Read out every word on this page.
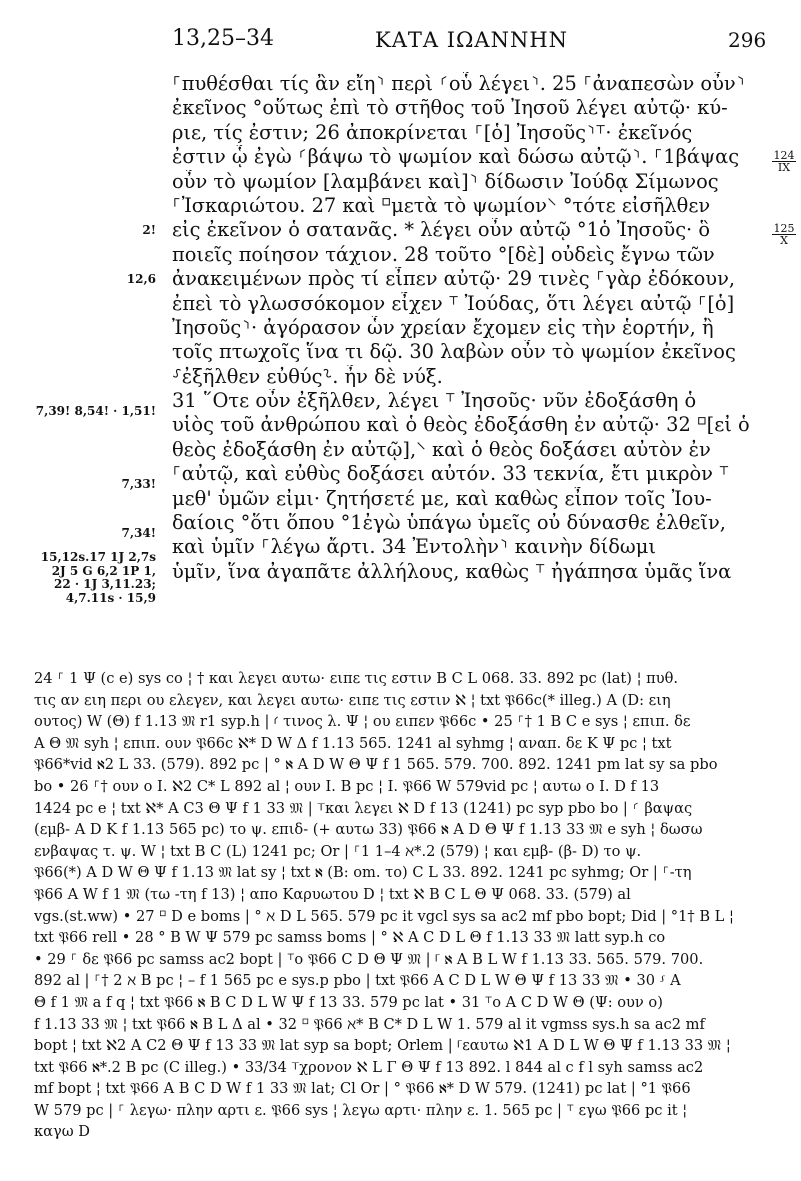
13,25–34	ΚΑΤΑ ΙΩΑΝΝΗΝ	296
2!
12,6
7,39! 8,54! · 1,51!
7,33!
7,34!
15,12s.17 1J 2,7s
2J 5 G 6,2 1P 1,
22 · 1J 3,11.23;
4,7.11s · 15,9
⸀πυθέσθαι τίς ἂν εἴη⸃ περὶ ⸂οὗ λέγει⸃. 25 ⸀ἀναπεσὼν οὖν⸃
ἐκεῖνος °οὕτως ἐπὶ τὸ στῆθος τοῦ Ἰησοῦ λέγει αὐτῷ· κύ-
ριε, τίς ἐστιν; 26 ἀποκρίνεται ⸀[ὁ] Ἰησοῦς⸃⸆· ἐκεῖνός
ἐστιν ᾧ ἐγὼ ⸂βάψω τὸ ψωμίον καὶ δώσω αὐτῷ⸃. ⸀1βάψας
οὖν τὸ ψωμίον [λαμβάνει καὶ]⸃ δίδωσιν Ἰούδᾳ Σίμωνος
⸀Ἰσκαριώτου. 27 καὶ ⸋μετὰ τὸ ψωμίον⸌ °τότε εἰσῆλθεν
εἰς ἐκεῖνον ὁ σατανᾶς. * λέγει οὖν αὐτῷ °1ὁ Ἰησοῦς· ὃ
ποιεῖς ποίησον τάχιον. 28 τοῦτο °[δὲ] οὐδεὶς ἔγνω τῶν
ἀνακειμένων πρὸς τί εἶπεν αὐτῷ· 29 τινὲς ⸀γὰρ ἐδόκουν,
ἐπεὶ τὸ γλωσσόκομον εἶχεν ⸆ Ἰούδας, ὅτι λέγει αὐτῷ ⸀[ὁ]
Ἰησοῦς⸃· ἀγόρασον ὧν χρείαν ἔχομεν εἰς τὴν ἑορτήν, ἢ
τοῖς πτωχοῖς ἵνα τι δῷ. 30 λαβὼν οὖν τὸ ψωμίον ἐκεῖνος
⸉ἐξῆλθεν εὐθύς⸊. ἦν δὲ νύξ.
31 ῞Οτε οὖν ἐξῆλθεν, λέγει ⸆ Ἰησοῦς· νῦν ἐδοξάσθη ὁ
υἱὸς τοῦ ἀνθρώπου καὶ ὁ θεὸς ἐδοξάσθη ἐν αὐτῷ· 32 ⸋[εἰ ὁ
θεὸς ἐδοξάσθη ἐν αὐτῷ],⸌ καὶ ὁ θεὸς δοξάσει αὐτὸν ἐν
⸀αὐτῷ, καὶ εὐθὺς δοξάσει αὐτόν. 33 τεκνία, ἔτι μικρὸν ⸆
μεθ' ὑμῶν εἰμι· ζητήσετέ με, καὶ καθὼς εἶπον τοῖς Ἰου-
δαίοις °ὅτι ὅπου °1ἐγὼ ὑπάγω ὑμεῖς οὐ δύνασθε ἐλθεῖν,
καὶ ὑμῖν ⸀λέγω ἄρτι. 34 Ἐντολὴν⸃ καινὴν δίδωμι
ὑμῖν, ἵνα ἀγαπᾶτε ἀλλήλους, καθὼς ⸆ ἠγάπησα ὑμᾶς ἵνα
124
IX
125
X
24 ⸀ 1 Ψ (c e) sys co ¦ † και λεγει αυτω· ειπε τις εστιν B C L 068. 33. 892 pc (lat) ¦ πυθ.
τις αν ειη περι ου ελεγεν, και λεγει αυτω· ειπε τις εστιν ℵ ¦ txt 𝔓66c(* illeg.) A (D: ειη
ουτος) W (Θ) f 1.13 𝔐 r1 syp.h | ⸂ τινος λ. Ψ ¦ ου ειπεν 𝔓66c • 25 ⸀† 1 B C e sys ¦ επιπ. δε
A Θ 𝔐 syh ¦ επιπ. ουν 𝔓66c ℵ* D W Δ f 1.13 565. 1241 al syhmg ¦ αναπ. δε K Ψ pc ¦ txt
𝔓66*vid ℵ2 L 33. (579). 892 pc | ° ℵ A D W Θ Ψ f 1 565. 579. 700. 892. 1241 pm lat sy sa pbo
bo • 26 ⸀† ουν ο I. ℵ2 C* L 892 al ¦ ουν I. B pc ¦ I. 𝔓66 W 579vid pc ¦ αυτω ο I. D f 13
1424 pc e ¦ txt ℵ* A C3 Θ Ψ f 1 33 𝔐 | ⸆και λεγει ℵ D f 13 (1241) pc syp pbo bo | ⸂ βαψας
(εμβ- A D K f 1.13 565 pc) το ψ. επιδ- (+ αυτω 33) 𝔓66 ℵ A D Θ Ψ f 1.13 33 𝔐 e syh ¦ δωσω
ενβαψας τ. ψ. W ¦ txt B C (L) 1241 pc; Or | ⸀1 1–4 ℵ*.2 (579) ¦ και εμβ- (β- D) το ψ.
𝔓66(*) A D W Θ Ψ f 1.13 𝔐 lat sy ¦ txt ℵ (B: om. το) C L 33. 892. 1241 pc syhmg; Or | ⸀-τη
𝔓66 A W f 1 𝔐 (τω -τη f 13) ¦ απο Καρυωτου D ¦ txt ℵ B C L Θ Ψ 068. 33. (579) al
vgs.(st.ww) • 27 ⸋ D e boms | ° ℵ D L 565. 579 pc it vgcl sys sa ac2 mf pbo bopt; Did | °1† B L ¦
txt 𝔓66 rell • 28 ° B W Ψ 579 pc samss boms | ° ℵ A C D L Θ f 1.13 33 𝔐 latt syp.h co
• 29 ⸀ δε 𝔓66 pc samss ac2 bopt | ⸆ο 𝔓66 C D Θ Ψ 𝔐 | ⸀ ℵ A B L W f 1.13 33. 565. 579. 700.
892 al | ⸀† 2 ℵ B pc ¦ – f 1 565 pc e sys.p pbo | txt 𝔓66 A C D L W Θ Ψ f 13 33 𝔐 • 30 ⸉ A
Θ f 1 𝔐 a f q ¦ txt 𝔓66 ℵ B C D L W Ψ f 13 33. 579 pc lat • 31 ⸆ο A C D W Θ (Ψ: ουν ο)
f 1.13 33 𝔐 ¦ txt 𝔓66 ℵ B L Δ al • 32 ⸋ 𝔓66 ℵ* B C* D L W 1. 579 al it vgmss sys.h sa ac2 mf
bopt ¦ txt ℵ2 A C2 Θ Ψ f 13 33 𝔐 lat syp sa bopt; Orlem | ⸀εαυτω ℵ1 A D L W Θ Ψ f 1.13 33 𝔐 ¦
txt 𝔓66 ℵ*.2 B pc (C illeg.) • 33/34 ⸆χρονον ℵ L Γ Θ Ψ f 13 892. l 844 al c f l syh samss ac2
mf bopt ¦ txt 𝔓66 A B C D W f 1 33 𝔐 lat; Cl Or | ° 𝔓66 ℵ* D W 579. (1241) pc lat | °1 𝔓66
W 579 pc | ⸀ λεγω· πλην αρτι ε. 𝔓66 sys ¦ λεγω αρτι· πλην ε. 1. 565 pc | ⸆ εγω 𝔓66 pc it ¦
καγω D
